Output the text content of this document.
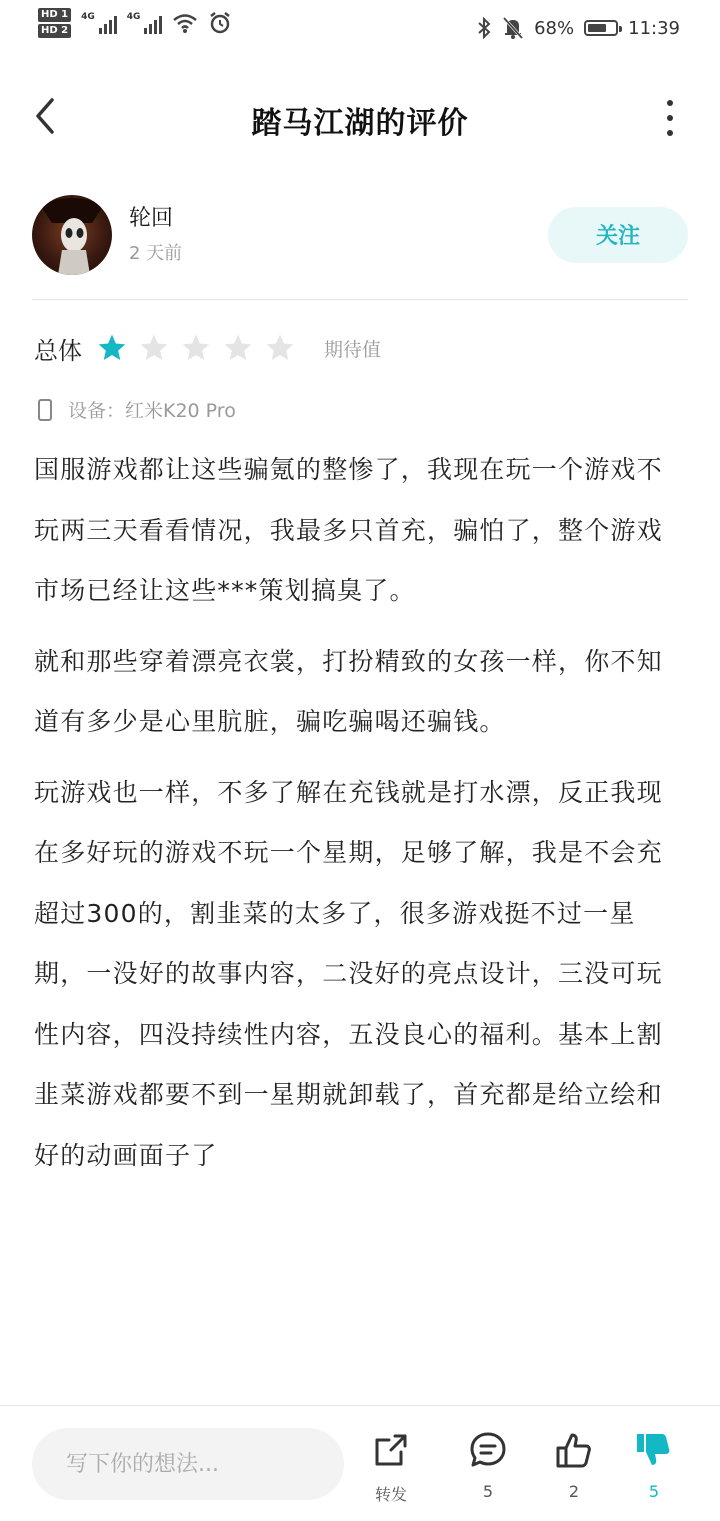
HD 1
HD 2
4G	4G
68%	11:39
踏马江湖的评价
轮回
2 天前
关注
总体	期待值
设备：红米K20 Pro

国服游戏都让这些骗氪的整惨了，我现在玩一个游戏不玩两三天看看情况，我最多只首充，骗怕了，整个游戏市场已经让这些***策划搞臭了。

就和那些穿着漂亮衣裳，打扮精致的女孩一样，你不知道有多少是心里肮脏，骗吃骗喝还骗钱。

玩游戏也一样，不多了解在充钱就是打水漂，反正我现在多好玩的游戏不玩一个星期，足够了解，我是不会充超过300的，割韭菜的太多了，很多游戏挺不过一星期，一没好的故事内容，二没好的亮点设计，三没可玩性内容，四没持续性内容，五没良心的福利。基本上割韭菜游戏都要不到一星期就卸载了，首充都是给立绘和好的动画面子了

写下你的想法...
转发	5	2	5
